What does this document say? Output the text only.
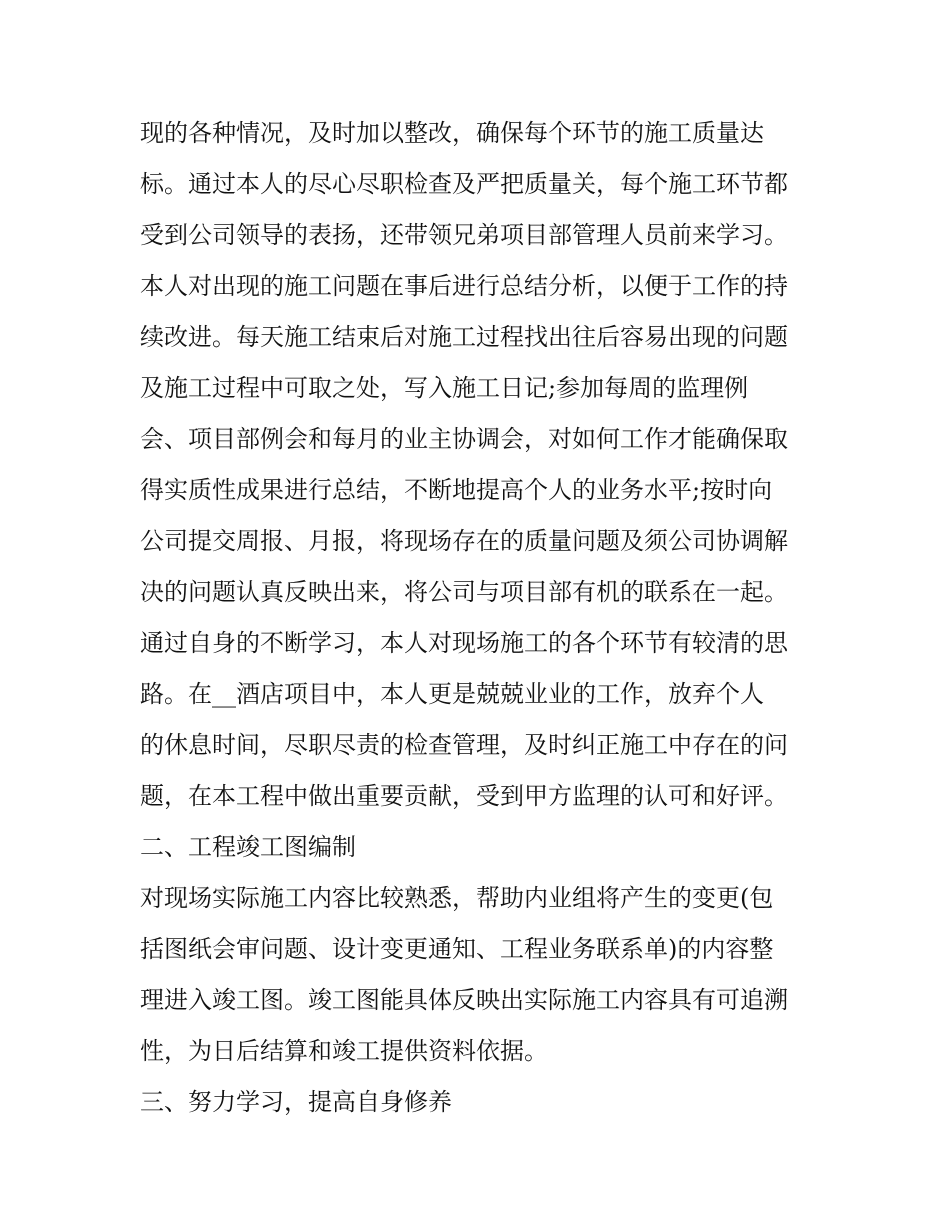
现的各种情况，及时加以整改，确保每个环节的施工质量达
标。通过本人的尽心尽职检查及严把质量关，每个施工环节都
受到公司领导的表扬，还带领兄弟项目部管理人员前来学习。
本人对出现的施工问题在事后进行总结分析，以便于工作的持
续改进。每天施工结束后对施工过程找出往后容易出现的问题
及施工过程中可取之处，写入施工日记;参加每周的监理例
会、项目部例会和每月的业主协调会，对如何工作才能确保取
得实质性成果进行总结，不断地提高个人的业务水平;按时向
公司提交周报、月报，将现场存在的质量问题及须公司协调解
决的问题认真反映出来，将公司与项目部有机的联系在一起。
通过自身的不断学习，本人对现场施工的各个环节有较清的思
路。在__酒店项目中，本人更是兢兢业业的工作，放弃个人
的休息时间，尽职尽责的检查管理，及时纠正施工中存在的问
题，在本工程中做出重要贡献，受到甲方监理的认可和好评。
二、工程竣工图编制
对现场实际施工内容比较熟悉，帮助内业组将产生的变更(包
括图纸会审问题、设计变更通知、工程业务联系单)的内容整
理进入竣工图。竣工图能具体反映出实际施工内容具有可追溯
性，为日后结算和竣工提供资料依据。
三、努力学习，提高自身修养
